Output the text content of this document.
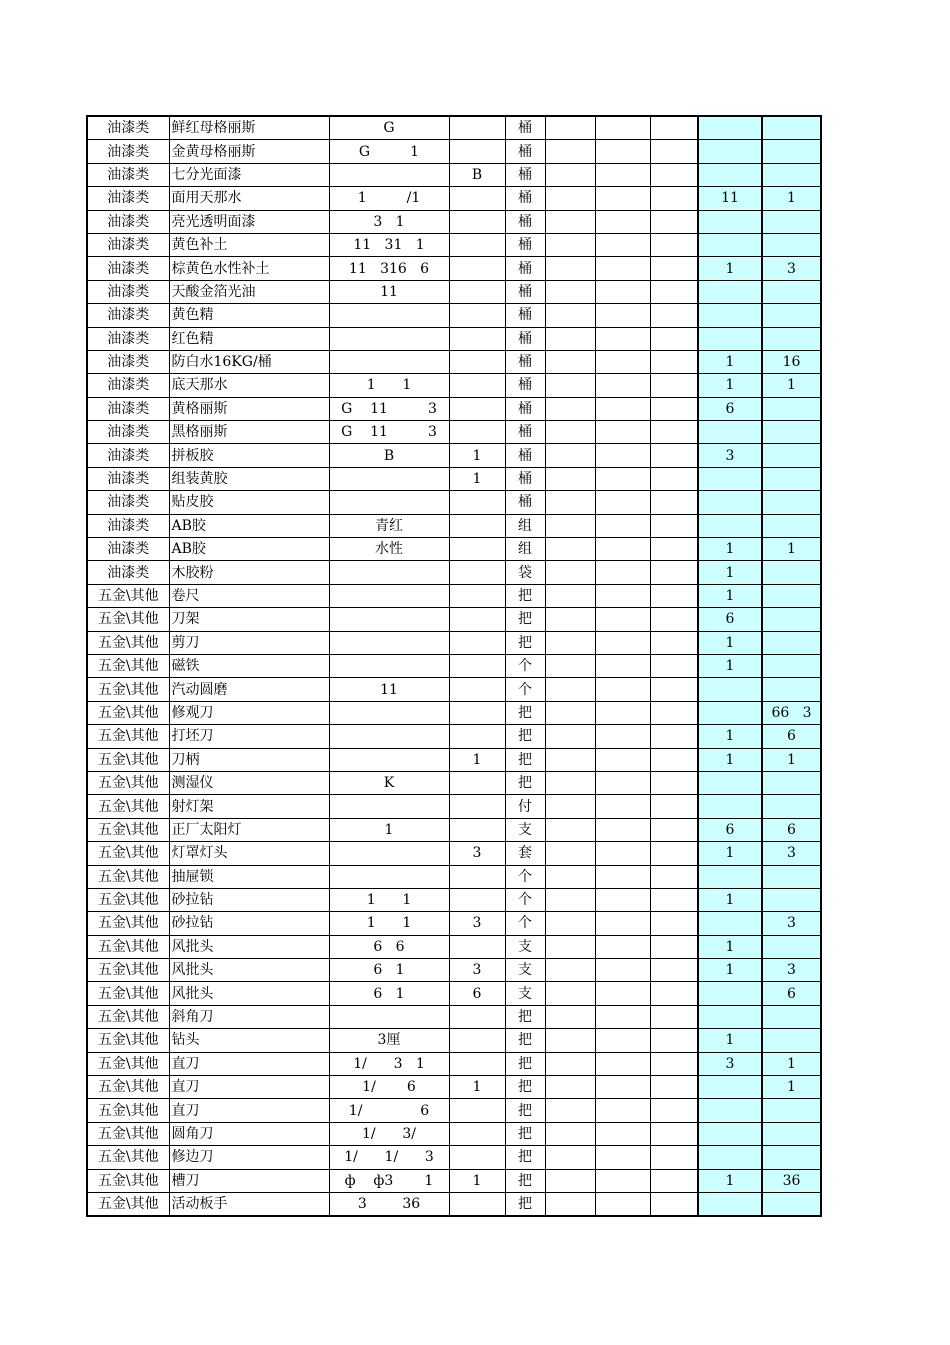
油漆类	鲜红母格丽斯	G		桶					
油漆类	金黄母格丽斯	G         1		桶					
油漆类	七分光面漆		B	桶					
油漆类	面用天那水	1         /1		桶				11	1
油漆类	亮光透明面漆	3   1		桶					
油漆类	黄色补土	11   31   1		桶					
油漆类	棕黄色水性补土	11   316   6		桶				1	3
油漆类	天酸金箔光油	11		桶					
油漆类	黄色精			桶					
油漆类	红色精			桶					
油漆类	防白水16KG/桶			桶				1	16
油漆类	底天那水	1      1		桶				1	1
油漆类	黄格丽斯	G    11         3		桶				6	
油漆类	黑格丽斯	G    11         3		桶					
油漆类	拼板胶	B	1	桶				3	
油漆类	组装黄胶		1	桶					
油漆类	贴皮胶			桶					
油漆类	AB胶	青红		组					
油漆类	AB胶	水性		组				1	1
油漆类	木胶粉			袋				1	
五金\其他	卷尺			把				1	
五金\其他	刀架			把				6	
五金\其他	剪刀			把				1	
五金\其他	磁铁			个				1	
五金\其他	汽动圆磨	11		个					
五金\其他	修观刀			把					66   3
五金\其他	打坯刀			把				1	6
五金\其他	刀柄		1	把				1	1
五金\其他	测湿仪	K		把					
五金\其他	射灯架			付					
五金\其他	正厂太阳灯	1		支				6	6
五金\其他	灯罩灯头		3	套				1	3
五金\其他	抽屉锁			个					
五金\其他	砂拉钻	1      1		个				1	
五金\其他	砂拉钻	1      1	3	个					3
五金\其他	风批头	6   6		支				1	
五金\其他	风批头	6   1	3	支				1	3
五金\其他	风批头	6   1	6	支					6
五金\其他	斜角刀			把					
五金\其他	钻头	3厘		把				1	
五金\其他	直刀	1/      3   1		把				3	1
五金\其他	直刀	1/       6	1	把					1
五金\其他	直刀	1/             6		把					
五金\其他	圆角刀	1/      3/		把					
五金\其他	修边刀	1/      1/      3		把					
五金\其他	槽刀	ф    ф3       1	1	把				1	36
五金\其他	活动板手	3        36		把					
